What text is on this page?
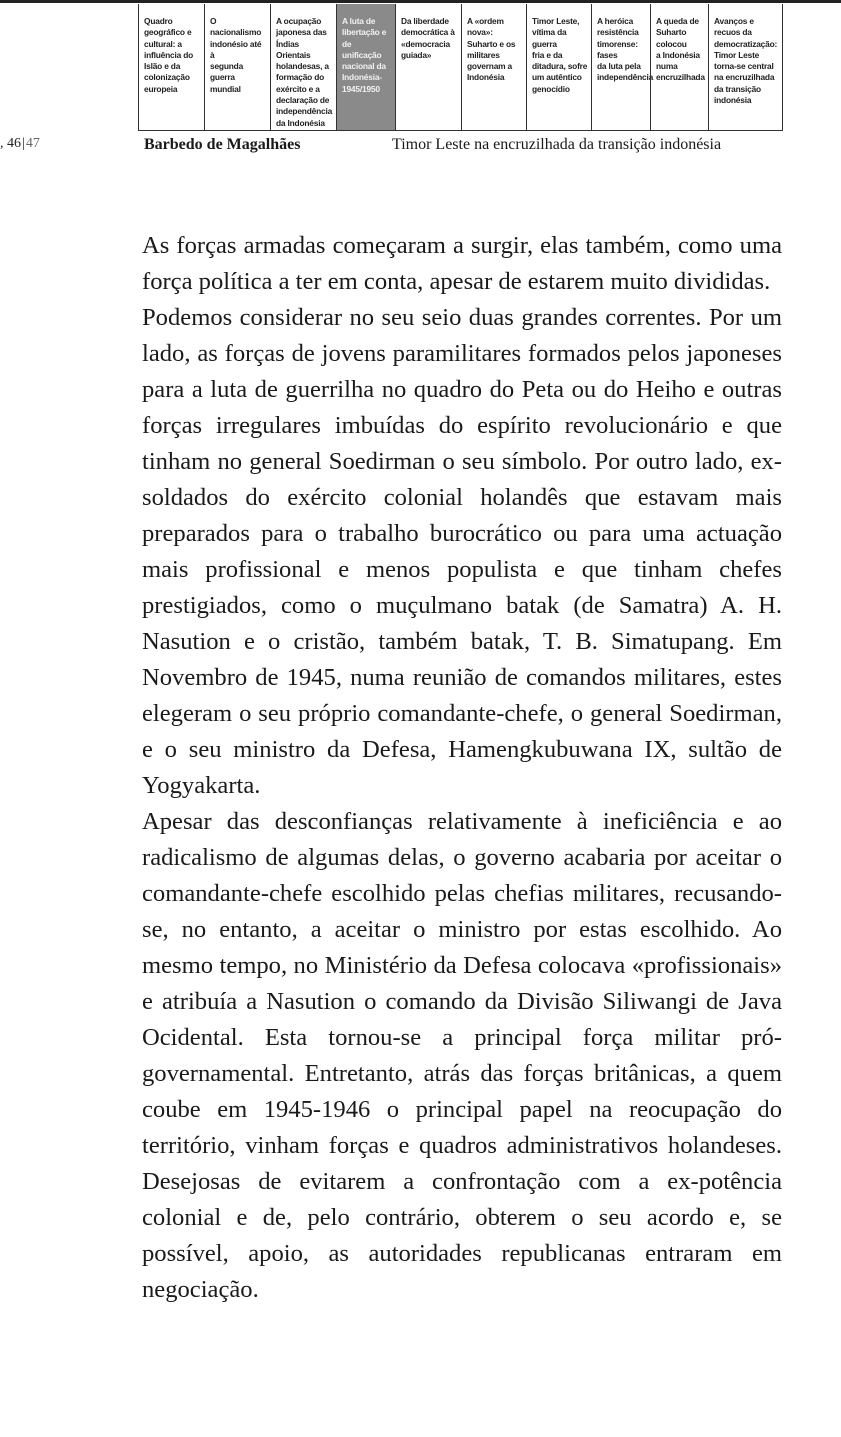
Quadro
geográfico e
cultural: a
influência do
Islão e da
colonização
europeia
O nacionalismo
indonésio até à
segunda guerra
mundial
A ocupação
japonesa das
Índias Orientais
holandesas, a
formação do
exército e a
declaração de
independência
da Indonésia
A luta de
libertação e de
unificação
nacional da
Indonésia-
1945/1950
Da liberdade
democrática à
«democracia
guiada»
A «ordem nova»:
Suharto e os
militares
governam a
Indonésia
Timor Leste,
vítima da guerra
fria e da
ditadura, sofre
um autêntico
genocídio
A heróica
resistência
timorense: fases
da luta pela
independência
A queda de
Suharto colocou
a Indonésia
numa
encruzilhada
Avanços e
recuos da
democratização:
Timor Leste
torna-se central
na encruzilhada
da transição
indonésia
, 46|47	Barbedo de Magalhães	Timor Leste na encruzilhada da transição indonésia

As forças armadas começaram a surgir, elas também, como uma força política a ter em conta, apesar de estarem muito divididas.

Podemos considerar no seu seio duas grandes correntes. Por um lado, as forças de jovens paramilitares formados pelos japoneses para a luta de guerrilha no quadro do Peta ou do Heiho e outras forças irregulares imbuídas do espírito revolucionário e que tinham no general Soedirman o seu símbolo. Por outro lado, ex-soldados do exército colonial holandês que estavam mais preparados para o trabalho burocrático ou para uma actuação mais profissional e menos populista e que tinham chefes prestigiados, como o muçulmano batak (de Samatra) A. H. Nasution e o cristão, também batak, T. B. Simatupang. Em Novembro de 1945, numa reunião de comandos militares, estes elegeram o seu próprio comandante-chefe, o general Soedirman, e o seu ministro da Defesa, Hamengkubuwana IX, sultão de Yogyakarta.

Apesar das desconfianças relativamente à ineficiência e ao radicalismo de algumas delas, o governo acabaria por aceitar o comandante-chefe escolhido pelas chefias militares, recusando-se, no entanto, a aceitar o ministro por estas escolhido. Ao mesmo tempo, no Ministério da Defesa colocava «profissionais» e atribuía a Nasution o comando da Divisão Siliwangi de Java Ocidental. Esta tornou-se a principal força militar pró-governamental. Entretanto, atrás das forças britânicas, a quem coube em 1945-1946 o principal papel na reocupação do território, vinham forças e quadros administrativos holandeses. Desejosas de evitarem a confrontação com a ex-potência colonial e de, pelo contrário, obterem o seu acordo e, se possível, apoio, as autoridades republicanas entraram em negociação.
